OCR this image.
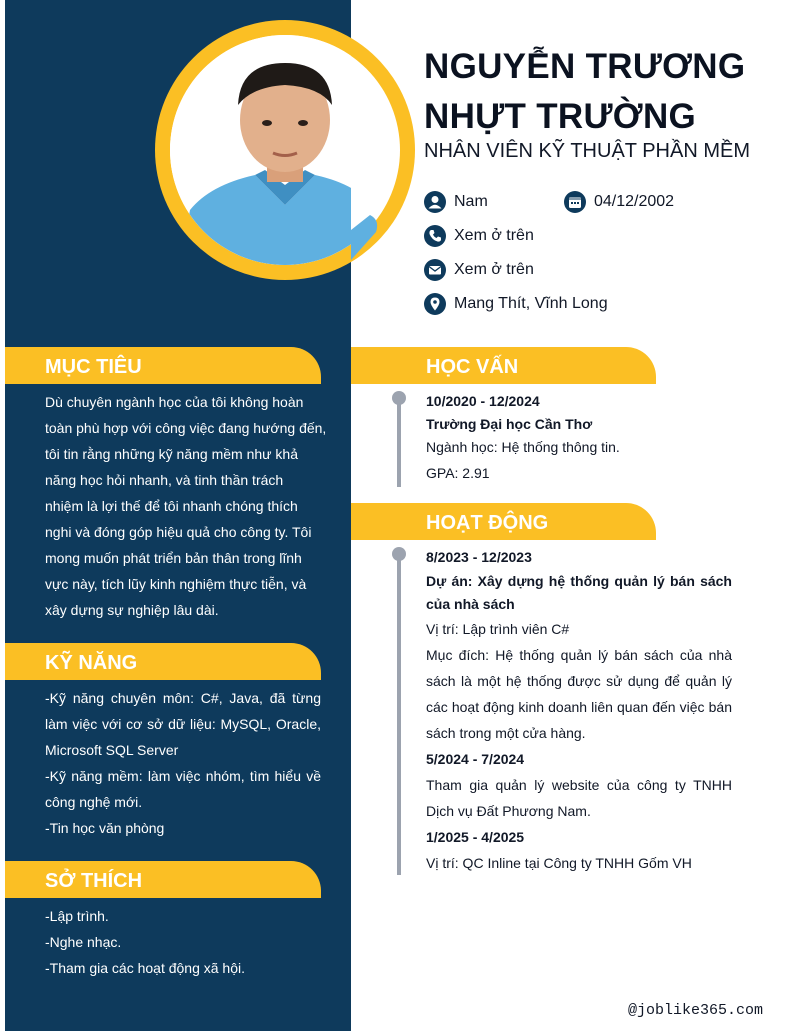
NGUYỄN TRƯƠNG
NHỰT TRƯỜNG
NHÂN VIÊN KỸ THUẬT PHẦN MỀM
Nam	04/12/2002
Xem ở trên
Xem ở trên
Mang Thít, Vĩnh Long
MỤC TIÊU
Dù chuyên ngành học của tôi không hoàn
toàn phù hợp với công việc đang hướng đến,
tôi tin rằng những kỹ năng mềm như khả
năng học hỏi nhanh, và tinh thần trách
nhiệm là lợi thế để tôi nhanh chóng thích
nghi và đóng góp hiệu quả cho công ty. Tôi
mong muốn phát triển bản thân trong lĩnh
vực này, tích lũy kinh nghiệm thực tiễn, và
xây dựng sự nghiệp lâu dài.
KỸ NĂNG
-Kỹ năng chuyên môn: C#, Java, đã từng làm việc với cơ sở dữ liệu: MySQL, Oracle, Microsoft SQL Server
-Kỹ năng mềm: làm việc nhóm, tìm hiểu về công nghệ mới.
-Tin học văn phòng
SỞ THÍCH
-Lập trình.
-Nghe nhạc.
-Tham gia các hoạt động xã hội.
HỌC VẤN
10/2020 - 12/2024
Trường Đại học Cần Thơ
Ngành học: Hệ thống thông tin.
GPA: 2.91
HOẠT ĐỘNG
8/2023 - 12/2023
Dự án: Xây dựng hệ thống quản lý bán sách của nhà sách
Vị trí: Lập trình viên C#
Mục đích: Hệ thống quản lý bán sách của nhà sách là một hệ thống được sử dụng để quản lý các hoạt động kinh doanh liên quan đến việc bán sách trong một cửa hàng.
5/2024 - 7/2024
Tham gia quản lý website của công ty TNHH Dịch vụ Đất Phương Nam.
1/2025 - 4/2025
Vị trí: QC Inline tại Công ty TNHH Gốm VH
@joblike365.com
